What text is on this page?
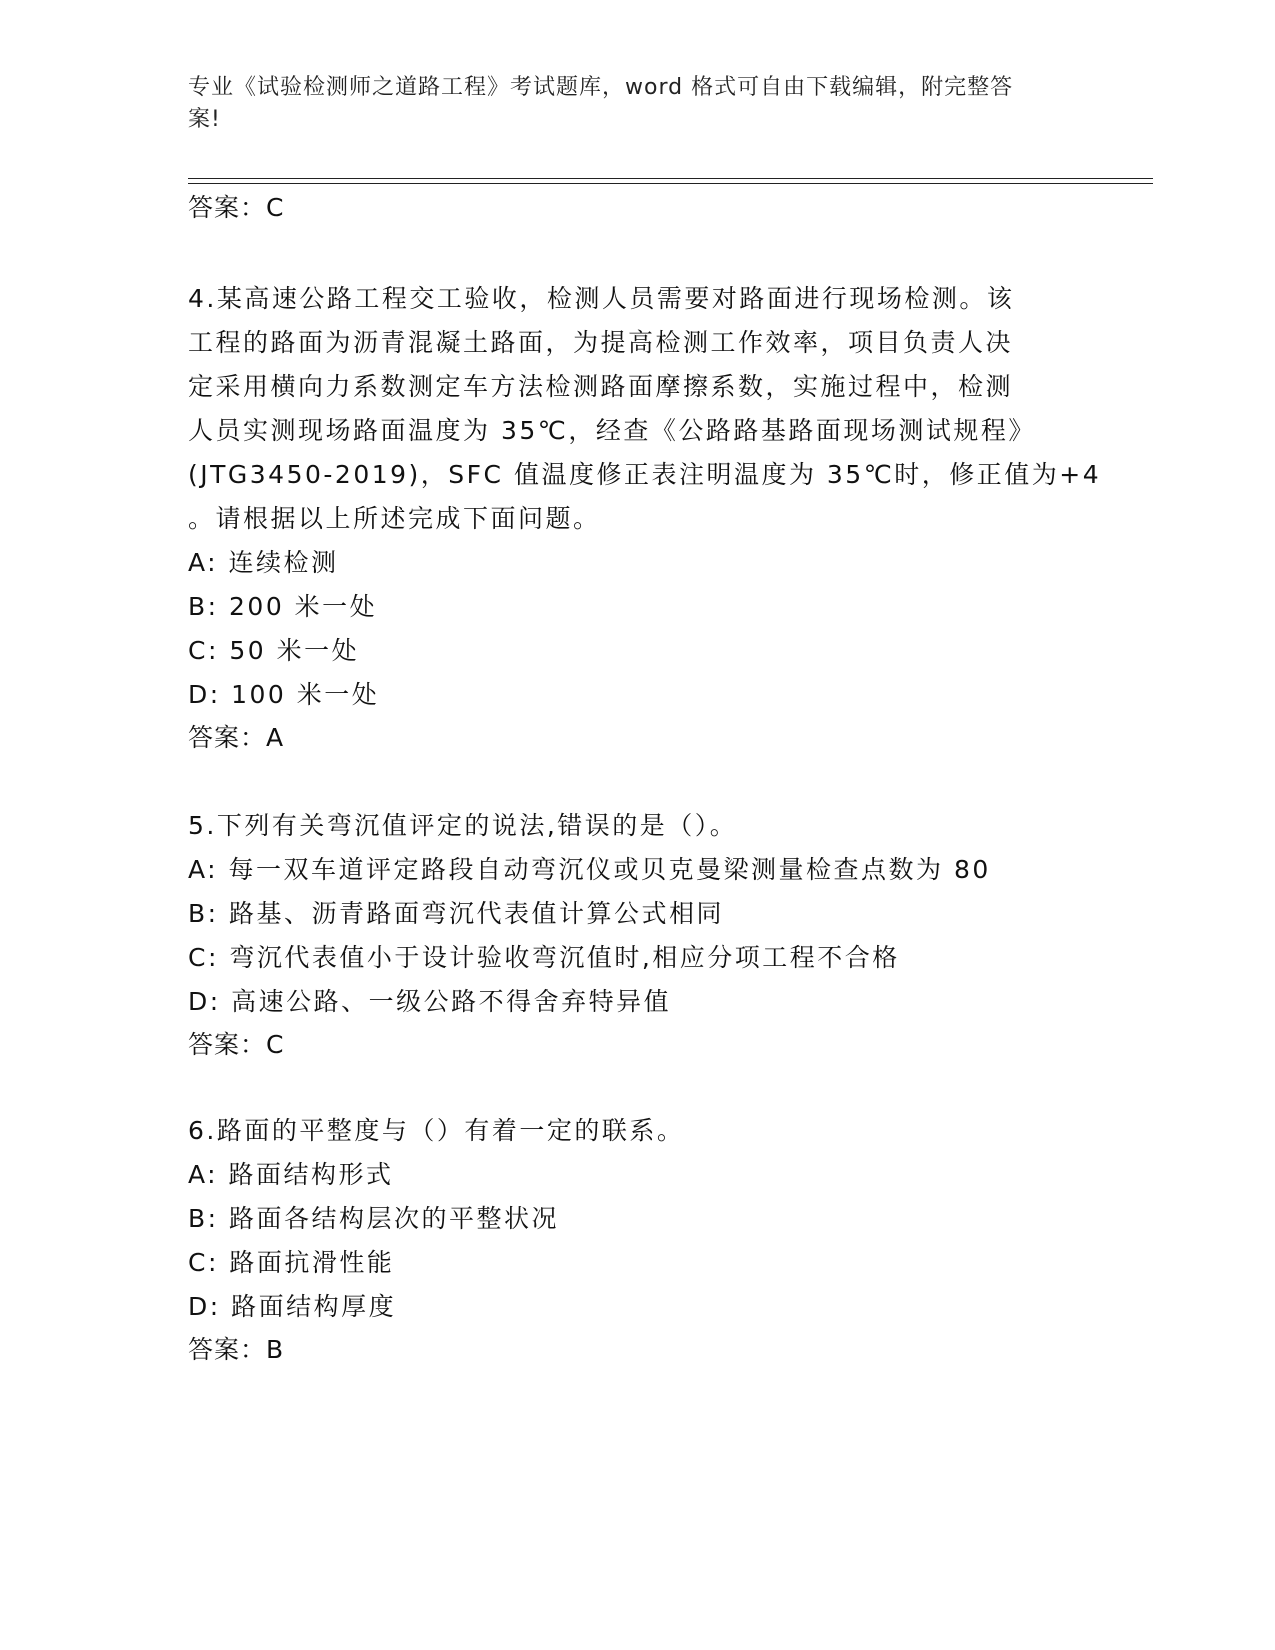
专业《试验检测师之道路工程》考试题库，word 格式可自由下载编辑，附完整答
案!
答案：C
4.某高速公路工程交工验收，检测人员需要对路面进行现场检测。该
工程的路面为沥青混凝土路面，为提高检测工作效率，项目负责人决
定采用横向力系数测定车方法检测路面摩擦系数，实施过程中，检测
人员实测现场路面温度为 35℃，经查《公路路基路面现场测试规程》
(JTG3450-2019)，SFC 值温度修正表注明温度为 35℃时，修正值为+4
。请根据以上所述完成下面问题。
A: 连续检测
B: 200 米一处
C: 50 米一处
D: 100 米一处
答案：A
5.下列有关弯沉值评定的说法,错误的是（）。
A: 每一双车道评定路段自动弯沉仪或贝克曼梁测量检查点数为 80
B: 路基、沥青路面弯沉代表值计算公式相同
C: 弯沉代表值小于设计验收弯沉值时,相应分项工程不合格
D: 高速公路、一级公路不得舍弃特异值
答案：C
6.路面的平整度与（）有着一定的联系。
A: 路面结构形式
B: 路面各结构层次的平整状况
C: 路面抗滑性能
D: 路面结构厚度
答案：B
